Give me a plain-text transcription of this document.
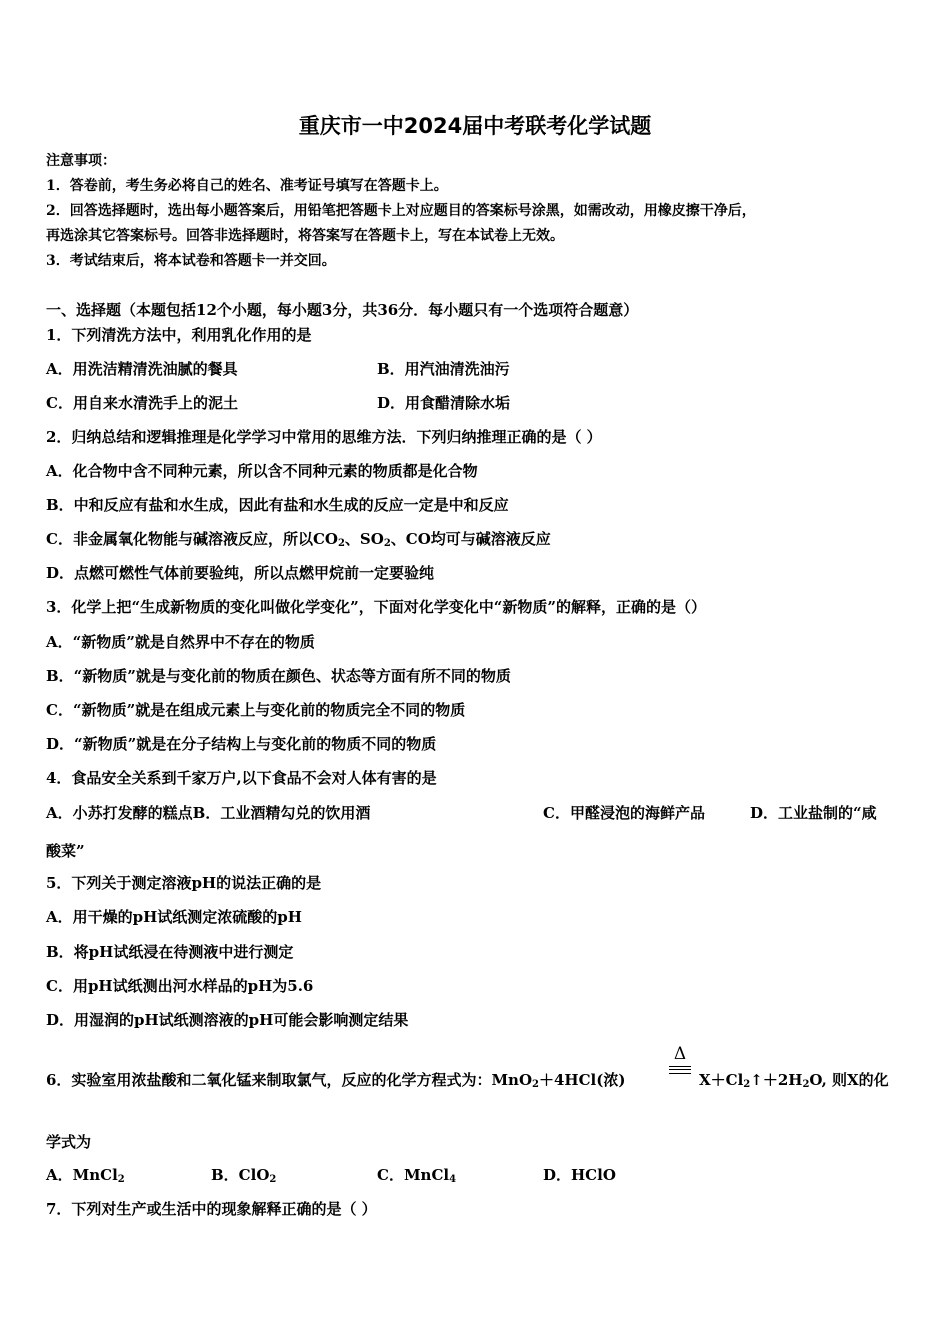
重庆市一中2024届中考联考化学试题
注意事项：
1．答卷前，考生务必将自己的姓名、准考证号填写在答题卡上。
2．回答选择题时，选出每小题答案后，用铅笔把答题卡上对应题目的答案标号涂黑，如需改动，用橡皮擦干净后，
再选涂其它答案标号。回答非选择题时，将答案写在答题卡上，写在本试卷上无效。
3．考试结束后，将本试卷和答题卡一并交回。
一、选择题（本题包括12个小题，每小题3分，共36分．每小题只有一个选项符合题意）
1．下列清洗方法中，利用乳化作用的是
A．用洗洁精清洗油腻的餐具	B．用汽油清洗油污
C．用自来水清洗手上的泥土	D．用食醋清除水垢
2．归纳总结和逻辑推理是化学学习中常用的思维方法．下列归纳推理正确的是（ ）
A．化合物中含不同种元素，所以含不同种元素的物质都是化合物
B．中和反应有盐和水生成，因此有盐和水生成的反应一定是中和反应
C．非金属氧化物能与碱溶液反应，所以$CO_2$、$SO_2$、CO均可与碱溶液反应
D．点燃可燃性气体前要验纯，所以点燃甲烷前一定要验纯
3．化学上把“生成新物质的变化叫做化学变化”，下面对化学变化中“新物质”的解释，正确的是（）
A．“新物质”就是自然界中不存在的物质
B．“新物质”就是与变化前的物质在颜色、状态等方面有所不同的物质
C．“新物质”就是在组成元素上与变化前的物质完全不同的物质
D．“新物质”就是在分子结构上与变化前的物质不同的物质
4．食品安全关系到千家万户,以下食品不会对人体有害的是
A．小苏打发酵的糕点B．工业酒精勾兑的饮用酒	C．甲醛浸泡的海鲜产品	D．工业盐制的“咸
酸菜”
5．下列关于测定溶液pH的说法正确的是
A．用干燥的pH试纸测定浓硫酸的pH
B．将pH试纸浸在待测液中进行测定
C．用pH试纸测出河水样品的pH为5.6
D．用湿润的pH试纸测溶液的pH可能会影响测定结果
6．实验室用浓盐酸和二氧化锰来制取氯气，反应的化学方程式为：MnO$_2$＋4HCl(浓)
Δ
$X+Cl_2↑+2H_2O$, 则X的化
学式为
A．MnCl$_2$	B．ClO$_2$	C．MnCl$_4$	D．HClO
7．下列对生产或生活中的现象解释正确的是（ ）
